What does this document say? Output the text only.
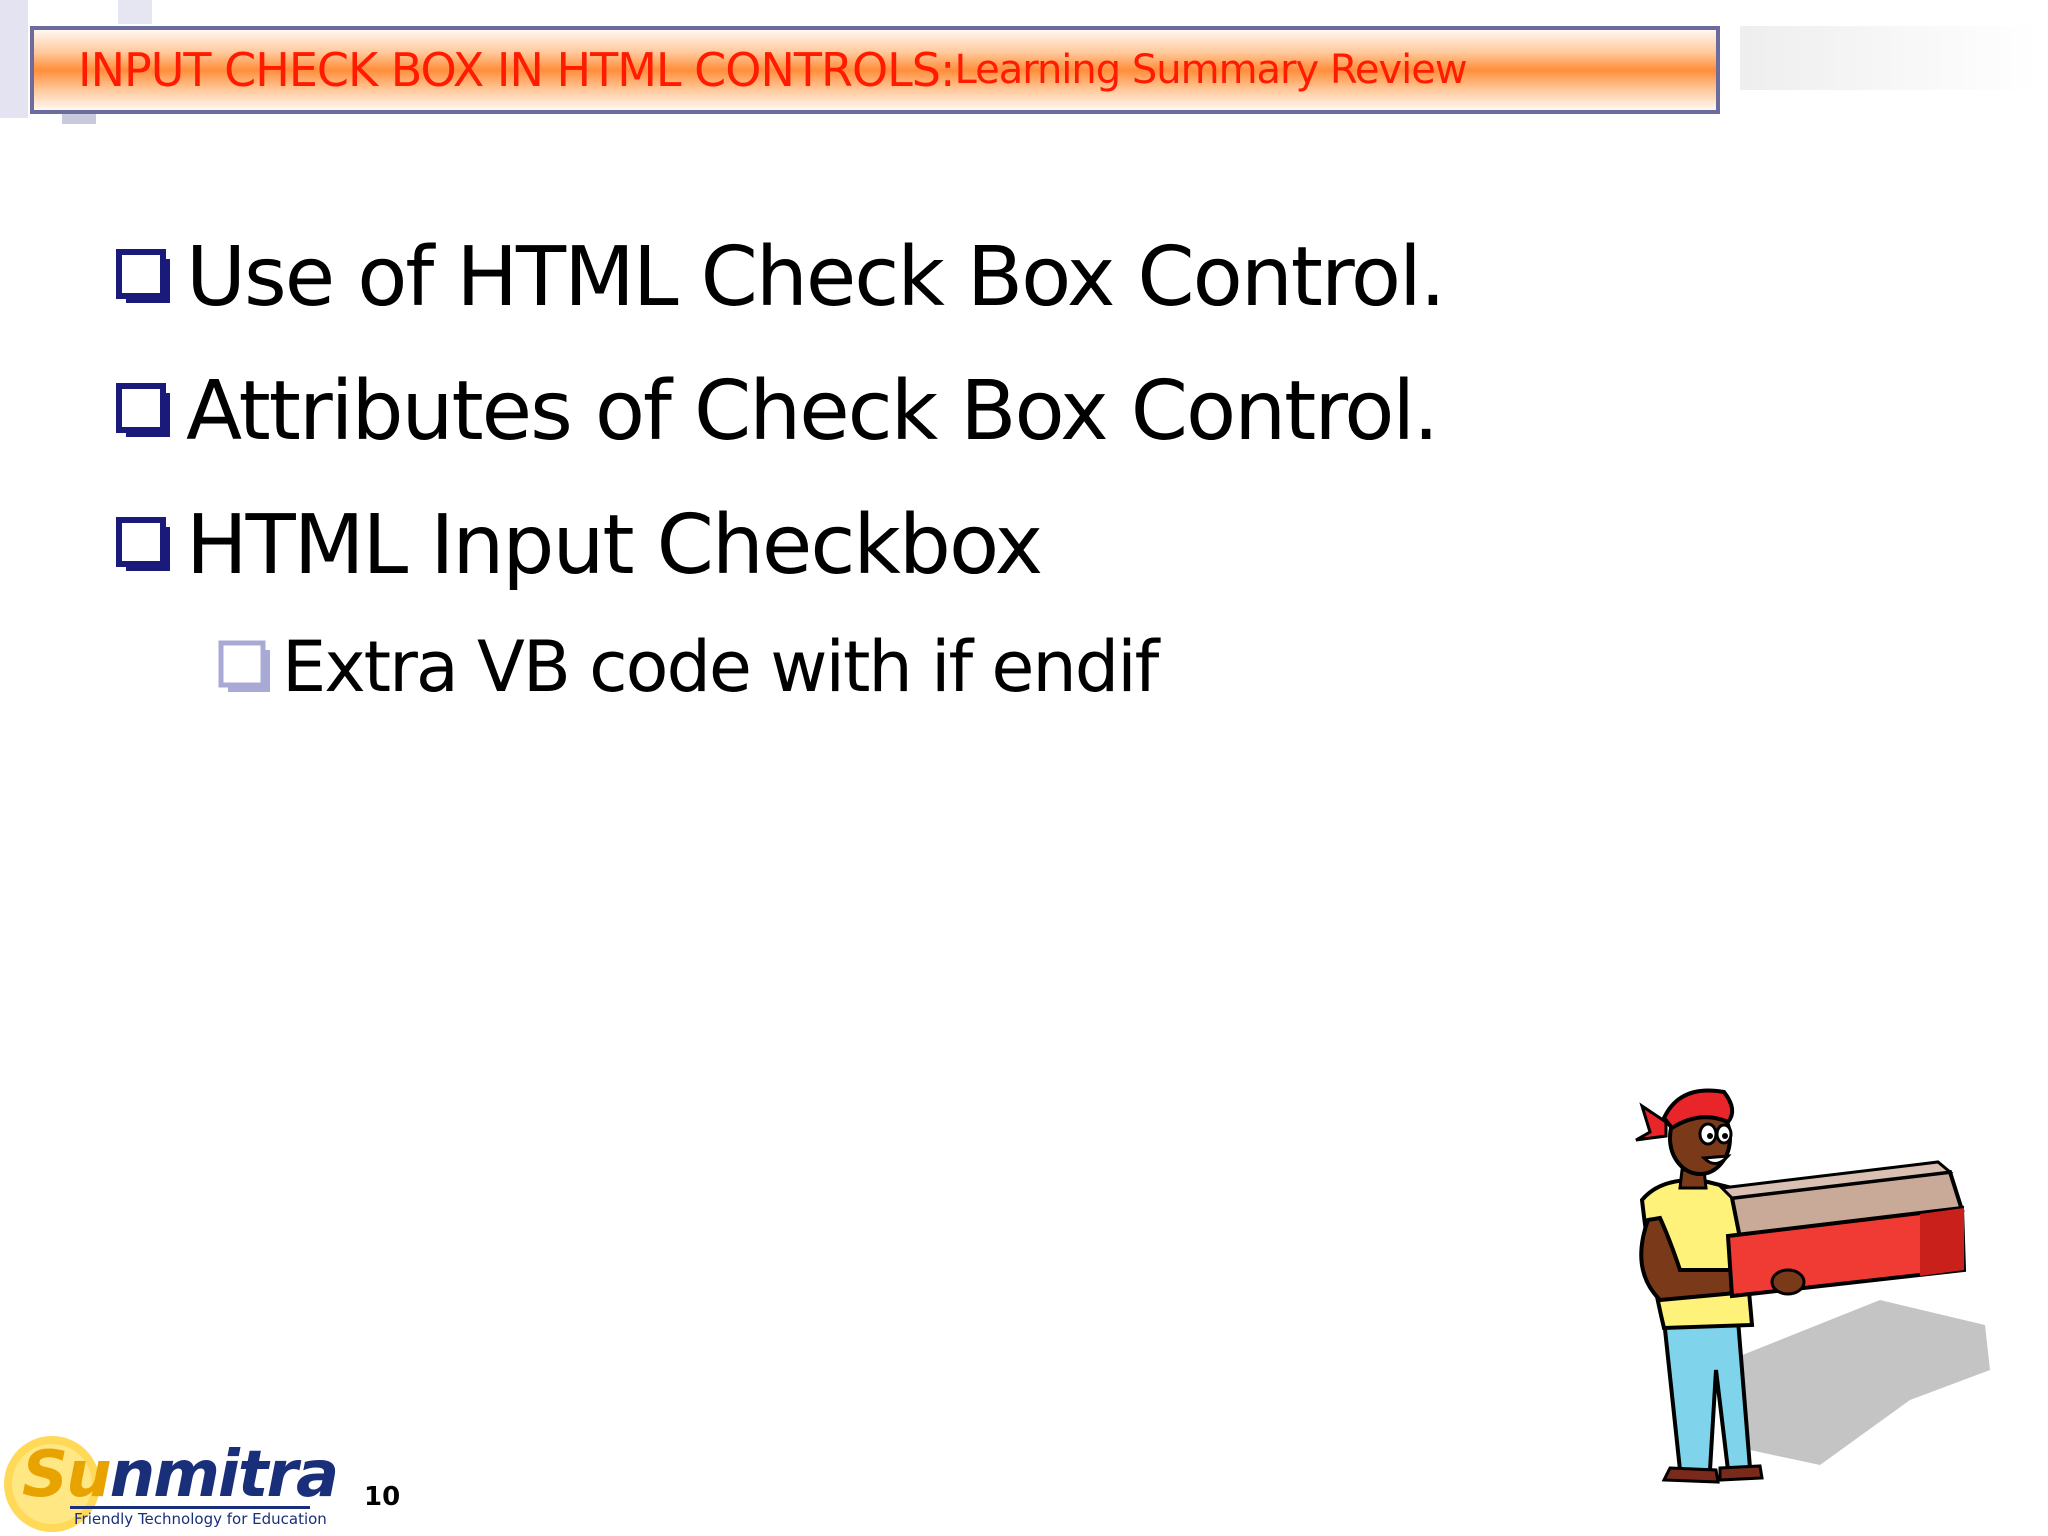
INPUT CHECK BOX IN HTML CONTROLS: Learning Summary Review
Use of HTML Check Box Control.
Attributes of Check Box Control.
HTML Input Checkbox
Extra VB code with if endif
Sunmitra
Friendly Technology for Education
10
